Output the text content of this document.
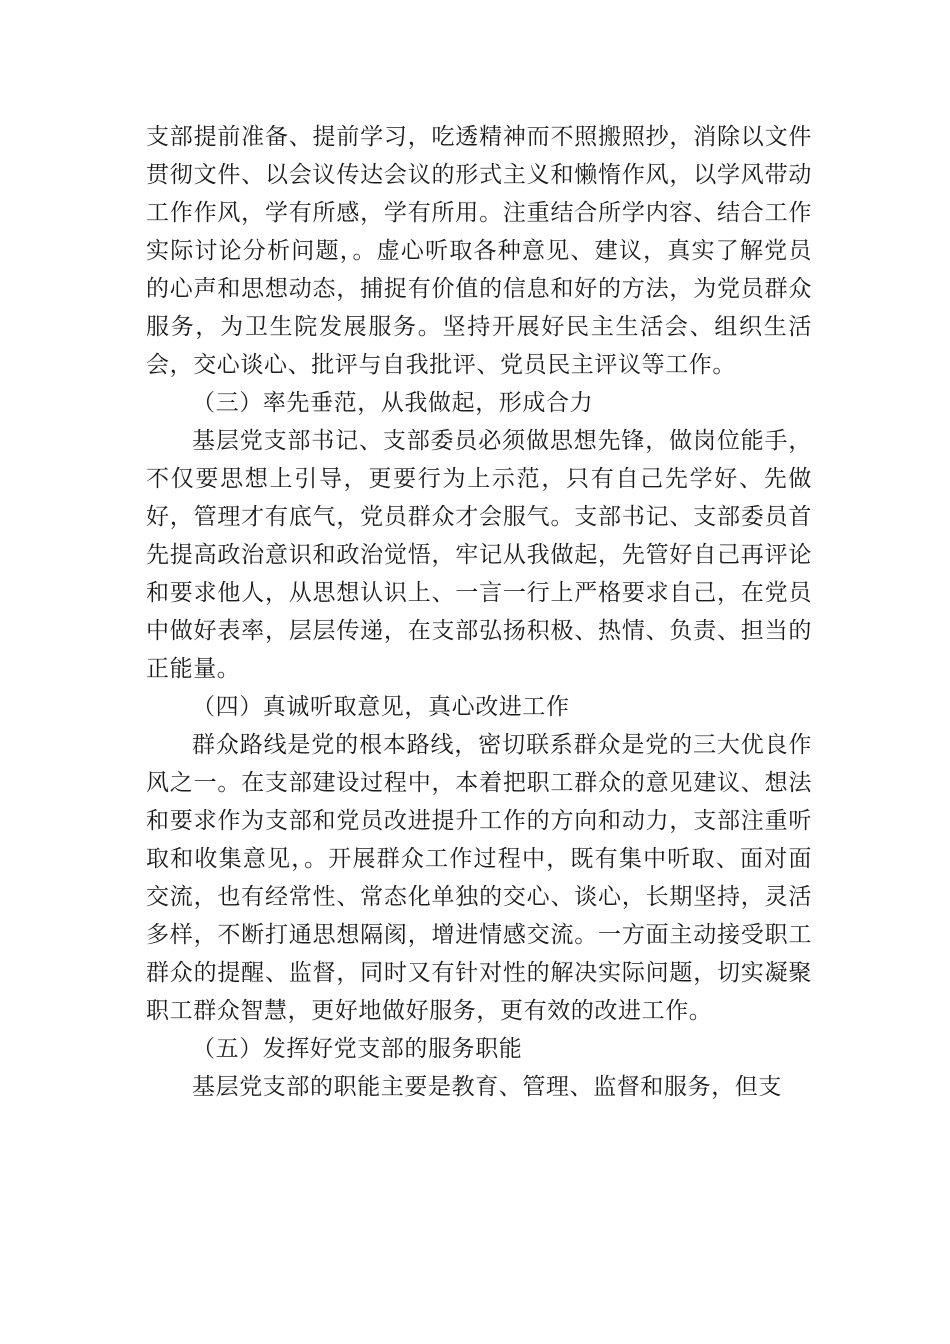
支部提前准备、提前学习，吃透精神而不照搬照抄，消除以文件贯彻文件、以会议传达会议的形式主义和懒惰作风，以学风带动工作作风，学有所感，学有所用。注重结合所学内容、结合工作实际讨论分析问题，。虚心听取各种意见、建议，真实了解党员的心声和思想动态，捕捉有价值的信息和好的方法，为党员群众服务，为卫生院发展服务。坚持开展好民主生活会、组织生活会，交心谈心、批评与自我批评、党员民主评议等工作。

（三）率先垂范，从我做起，形成合力

基层党支部书记、支部委员必须做思想先锋，做岗位能手，不仅要思想上引导，更要行为上示范，只有自己先学好、先做好，管理才有底气，党员群众才会服气。支部书记、支部委员首先提高政治意识和政治觉悟，牢记从我做起，先管好自己再评论和要求他人，从思想认识上、一言一行上严格要求自己，在党员中做好表率，层层传递，在支部弘扬积极、热情、负责、担当的正能量。

（四）真诚听取意见，真心改进工作

群众路线是党的根本路线，密切联系群众是党的三大优良作风之一。在支部建设过程中，本着把职工群众的意见建议、想法和要求作为支部和党员改进提升工作的方向和动力，支部注重听取和收集意见，。开展群众工作过程中，既有集中听取、面对面交流，也有经常性、常态化单独的交心、谈心，长期坚持，灵活多样，不断打通思想隔阂，增进情感交流。一方面主动接受职工群众的提醒、监督，同时又有针对性的解决实际问题，切实凝聚职工群众智慧，更好地做好服务，更有效的改进工作。

（五）发挥好党支部的服务职能

基层党支部的职能主要是教育、管理、监督和服务，但支
